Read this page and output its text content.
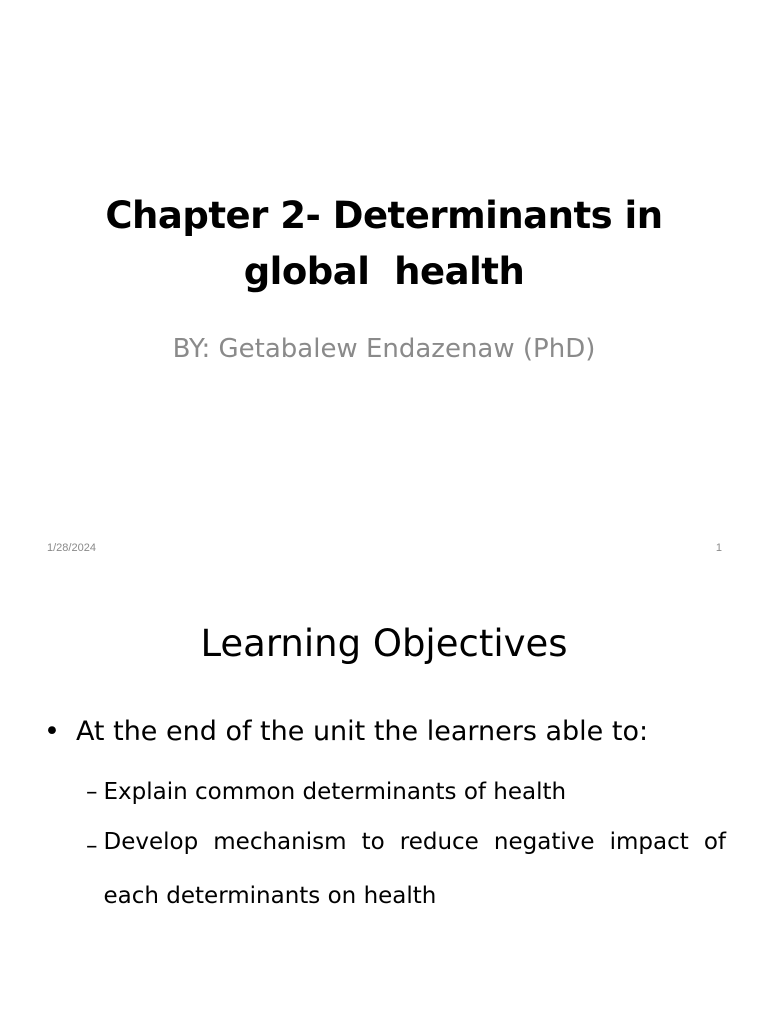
Chapter 2- Determinants in
global  health

BY: Getabalew Endazenaw (PhD)
1/28/2024	1
Learning Objectives
• At the end of the unit the learners able to:
– Explain common determinants of health
– Develop mechanism to reduce negative impact of each determinants on health
